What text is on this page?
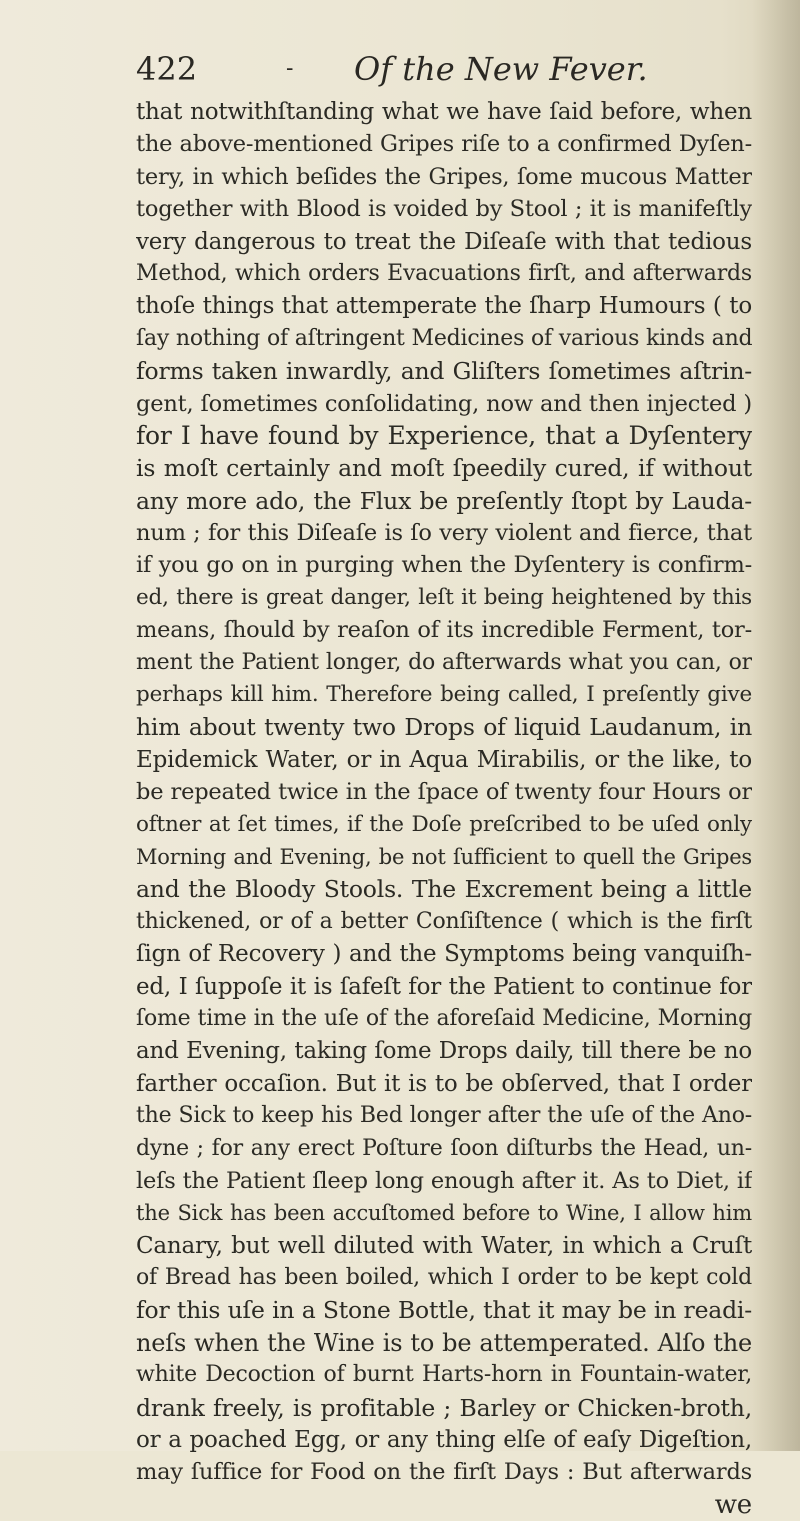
422	- Of the New Fever.
that notwithſtanding what we have ſaid before, when
the above-mentioned Gripes riſe to a confirmed Dyſen-
tery, in which beſides the Gripes, ſome mucous Matter
together with Blood is voided by Stool ; it is manifeſtly
very dangerous to treat the Diſeaſe with that tedious
Method, which orders Evacuations firſt, and afterwards
thoſe things that attemperate the ſharp Humours ( to
ſay nothing of aſtringent Medicines of various kinds and
forms taken inwardly, and Gliſters ſometimes aſtrin-
gent, ſometimes conſolidating, now and then injected )
for I have found by Experience, that a Dyſentery
is moſt certainly and moſt ſpeedily cured, if without
any more ado, the Flux be preſently ſtopt by Lauda-
num ; for this Diſeaſe is ſo very violent and fierce, that
if you go on in purging when the Dyſentery is confirm-
ed, there is great danger, leſt it being heightened by this
means, ſhould by reaſon of its incredible Ferment, tor-
ment the Patient longer, do afterwards what you can, or
perhaps kill him. Therefore being called, I preſently give
him about twenty two Drops of liquid Laudanum, in
Epidemick Water, or in Aqua Mirabilis, or the like, to
be repeated twice in the ſpace of twenty four Hours or
oftner at ſet times, if the Doſe preſcribed to be uſed only
Morning and Evening, be not ſufficient to quell the Gripes
and the Bloody Stools. The Excrement being a little
thickened, or of a better Conſiſtence ( which is the firſt
ſign of Recovery ) and the Symptoms being vanquiſh-
ed, I ſuppoſe it is ſafeſt for the Patient to continue for
ſome time in the uſe of the aforeſaid Medicine, Morning
and Evening, taking ſome Drops daily, till there be no
farther occaſion. But it is to be obſerved, that I order
the Sick to keep his Bed longer after the uſe of the Ano-
dyne ; for any erect Poſture ſoon diſturbs the Head, un-
leſs the Patient ſleep long enough after it. As to Diet, if
the Sick has been accuſtomed before to Wine, I allow him
Canary, but well diluted with Water, in which a Cruſt
of Bread has been boiled, which I order to be kept cold
for this uſe in a Stone Bottle, that it may be in readi-
neſs when the Wine is to be attemperated. Alſo the
white Decoction of burnt Harts-horn in Fountain-water,
drank freely, is profitable ; Barley or Chicken-broth,
or a poached Egg, or any thing elſe of eaſy Digeſtion,
may ſuffice for Food on the firſt Days : But afterwards
we
